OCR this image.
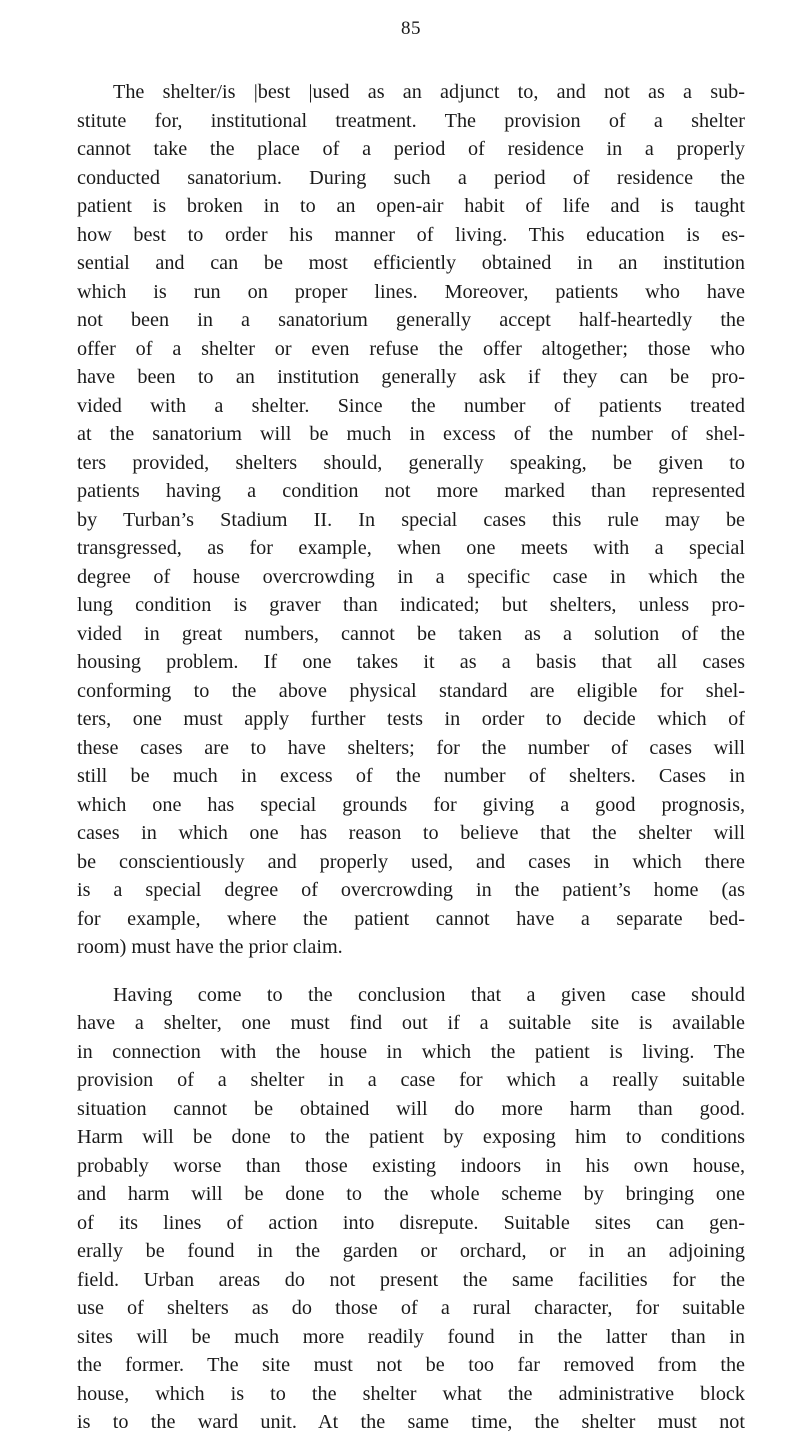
85
The shelter/is |best |used as an adjunct to, and not as a sub-
stitute for, institutional treatment. The provision of a shelter
cannot take the place of a period of residence in a properly
conducted sanatorium. During such a period of residence the
patient is broken in to an open-air habit of life and is taught
how best to order his manner of living. This education is es-
sential and can be most efficiently obtained in an institution
which is run on proper lines. Moreover, patients who have
not been in a sanatorium generally accept half-heartedly the
offer of a shelter or even refuse the offer altogether; those who
have been to an institution generally ask if they can be pro-
vided with a shelter. Since the number of patients treated
at the sanatorium will be much in excess of the number of shel-
ters provided, shelters should, generally speaking, be given to
patients having a condition not more marked than represented
by Turban’s Stadium II. In special cases this rule may be
transgressed, as for example, when one meets with a special
degree of house overcrowding in a specific case in which the
lung condition is graver than indicated; but shelters, unless pro-
vided in great numbers, cannot be taken as a solution of the
housing problem. If one takes it as a basis that all cases
conforming to the above physical standard are eligible for shel-
ters, one must apply further tests in order to decide which of
these cases are to have shelters; for the number of cases will
still be much in excess of the number of shelters. Cases in
which one has special grounds for giving a good prognosis,
cases in which one has reason to believe that the shelter will
be conscientiously and properly used, and cases in which there
is a special degree of overcrowding in the patient’s home (as
for example, where the patient cannot have a separate bed-
room) must have the prior claim.
Having come to the conclusion that a given case should
have a shelter, one must find out if a suitable site is available
in connection with the house in which the patient is living. The
provision of a shelter in a case for which a really suitable
situation cannot be obtained will do more harm than good.
Harm will be done to the patient by exposing him to conditions
probably worse than those existing indoors in his own house,
and harm will be done to the whole scheme by bringing one
of its lines of action into disrepute. Suitable sites can gen-
erally be found in the garden or orchard, or in an adjoining
field. Urban areas do not present the same facilities for the
use of shelters as do those of a rural character, for suitable
sites will be much more readily found in the latter than in
the former. The site must not be too far removed from the
house, which is to the shelter what the administrative block
is to the ward unit. At the same time, the shelter must not
